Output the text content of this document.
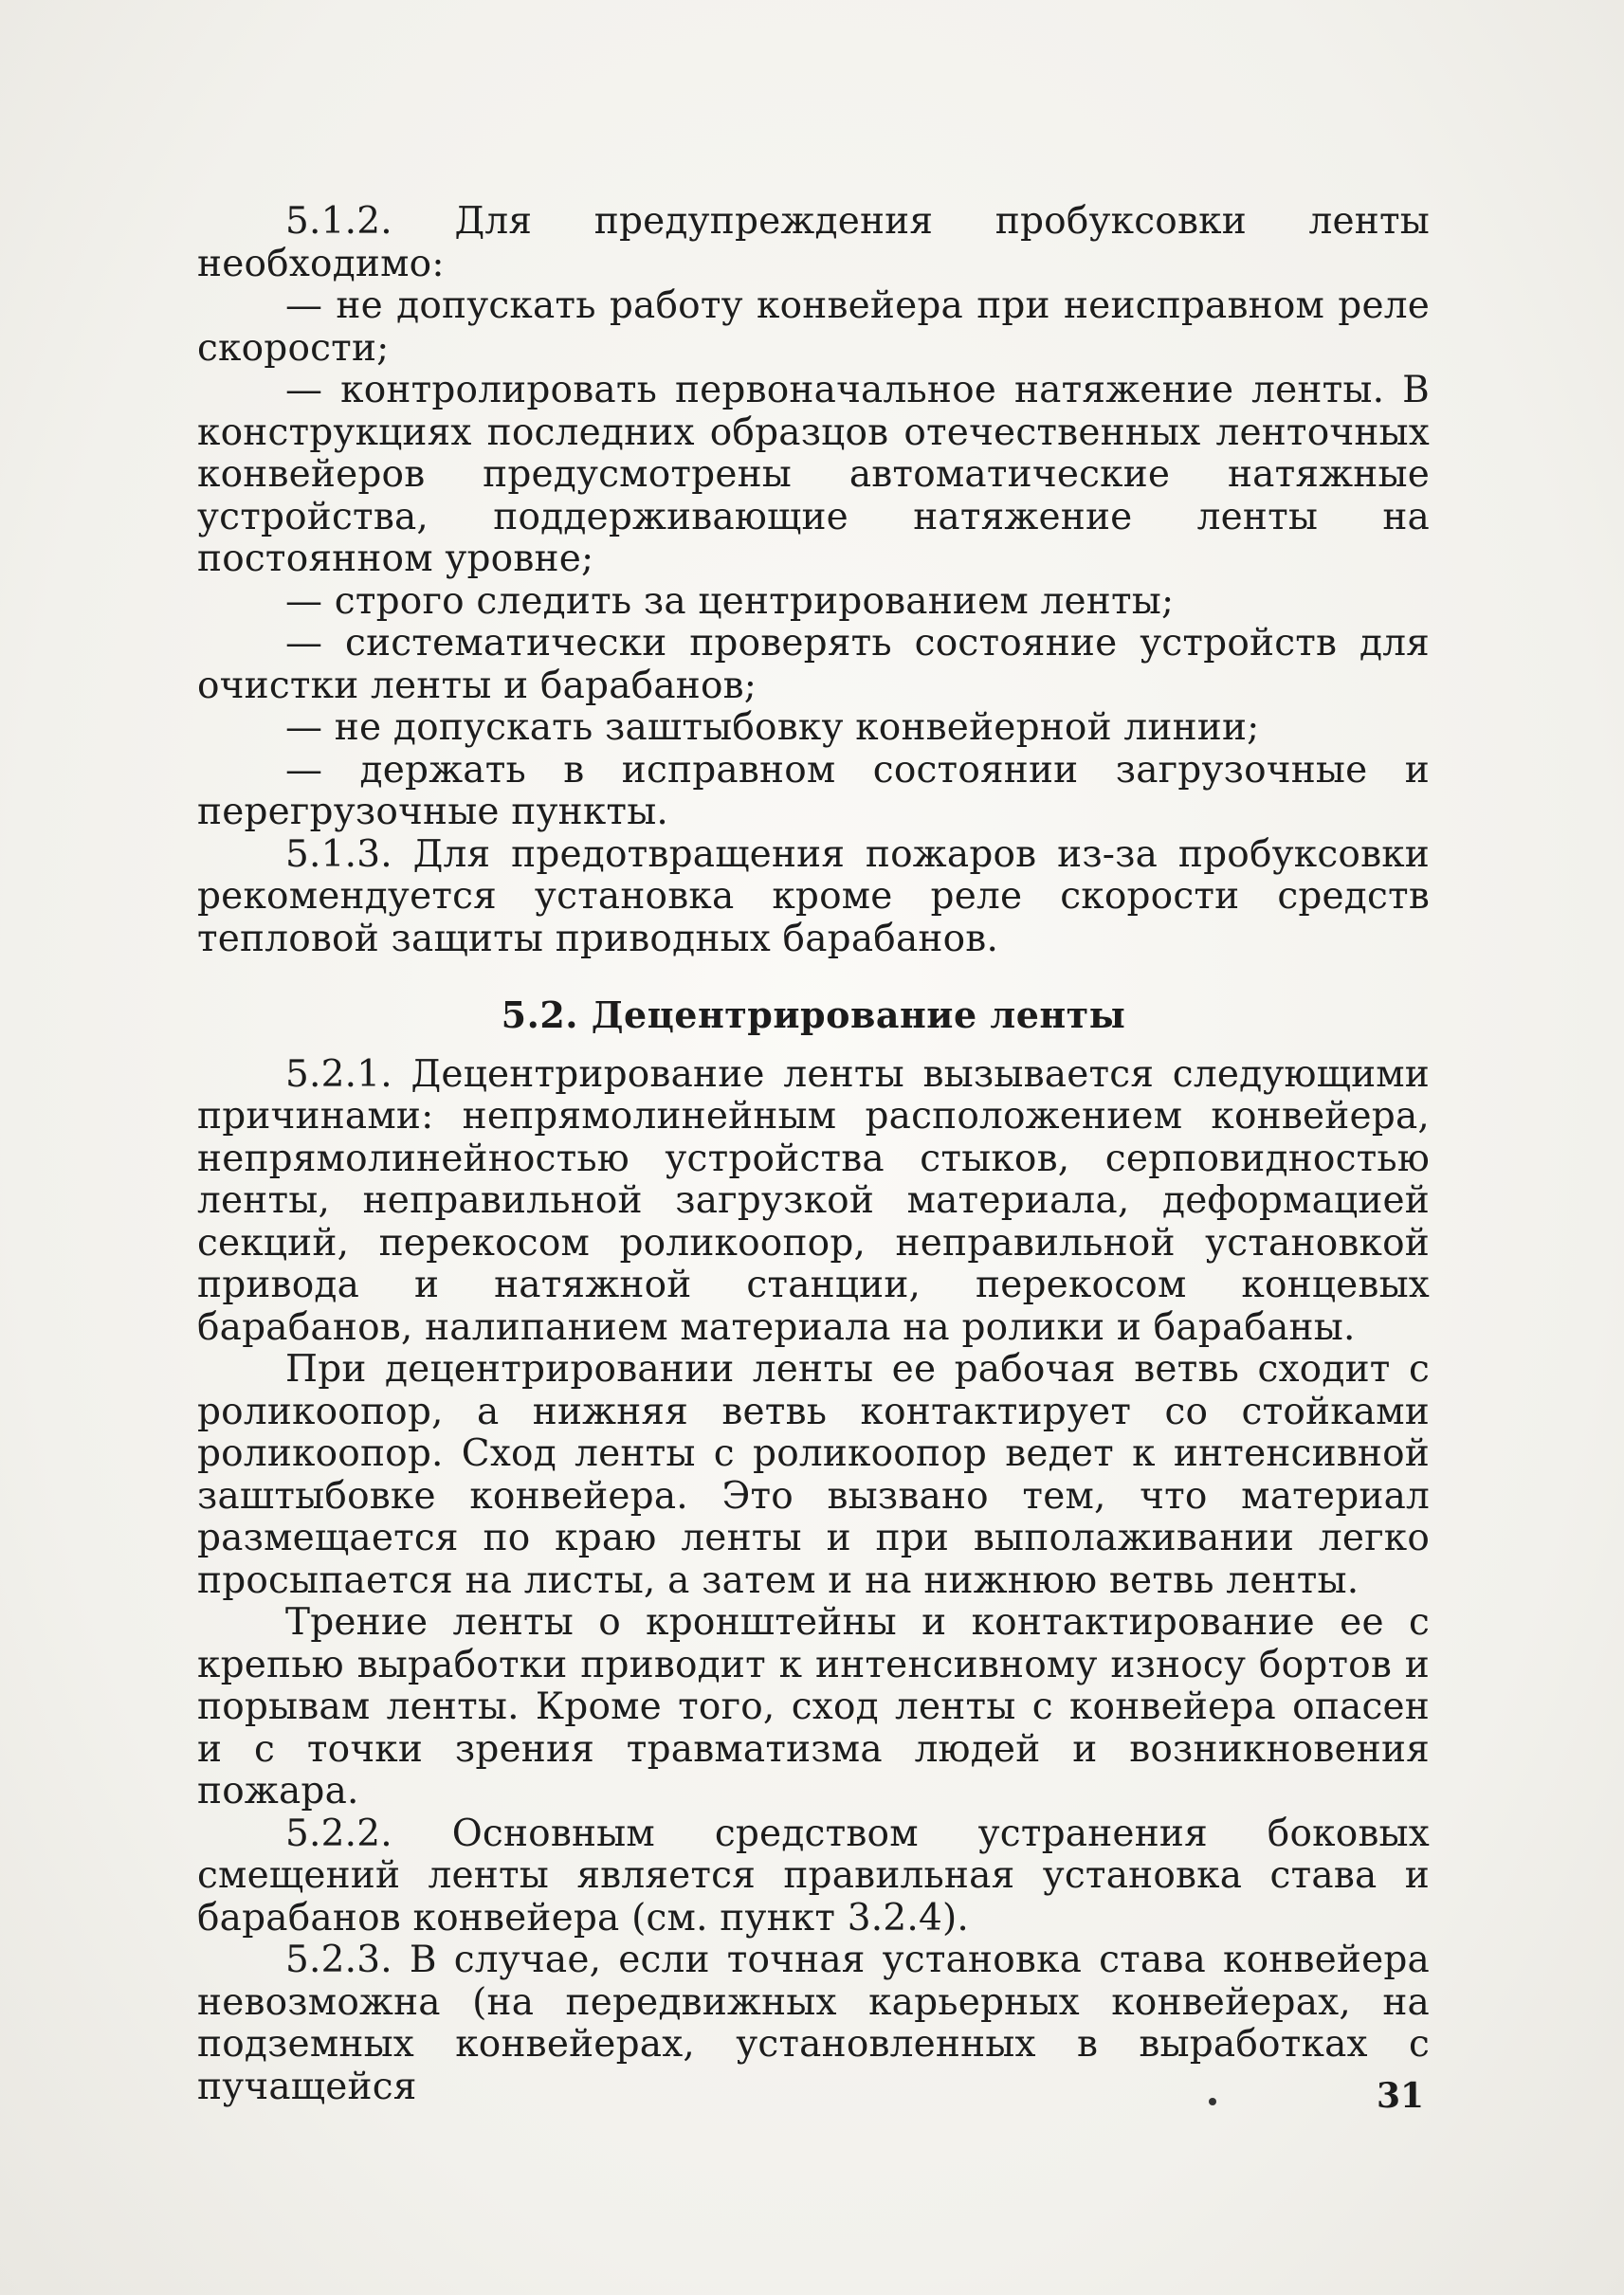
5.1.2. Для предупреждения пробуксовки ленты необходимо:

— не допускать работу конвейера при неисправном реле скорости;

— контролировать первоначальное натяжение ленты. В конструкциях последних образцов отечественных ленточных конвейеров предусмотрены автоматические натяжные устройства, поддерживающие натяжение ленты на постоянном уровне;

— строго следить за центрированием ленты;

— систематически проверять состояние устройств для очистки ленты и барабанов;

— не допускать заштыбовку конвейерной линии;

— держать в исправном состоянии загрузочные и перегрузочные пункты.

5.1.3. Для предотвращения пожаров из-за пробуксовки рекомендуется установка кроме реле скорости средств тепловой защиты приводных барабанов.

5.2. Децентрирование ленты

5.2.1. Децентрирование ленты вызывается следующими причинами: непрямолинейным расположением конвейера, непрямолинейностью устройства стыков, серповидностью ленты, неправильной загрузкой материала, деформацией секций, перекосом роликоопор, неправильной установкой привода и натяжной станции, перекосом концевых барабанов, налипанием материала на ролики и барабаны.

При децентрировании ленты ее рабочая ветвь сходит с роликоопор, а нижняя ветвь контактирует со стойками роликоопор. Сход ленты с роликоопор ведет к интенсивной заштыбовке конвейера. Это вызвано тем, что материал размещается по краю ленты и при выполаживании легко просыпается на листы, а затем и на нижнюю ветвь ленты.

Трение ленты о кронштейны и контактирование ее с крепью выработки приводит к интенсивному износу бортов и порывам ленты. Кроме того, сход ленты с конвейера опасен и с точки зрения травматизма людей и возникновения пожара.

5.2.2. Основным средством устранения боковых смещений ленты является правильная установка става и барабанов конвейера (см. пункт 3.2.4).

5.2.3. В случае, если точная установка става конвейера невозможна (на передвижных карьерных конвейерах, на подземных конвейерах, установленных в выработках с пучащейся	31
